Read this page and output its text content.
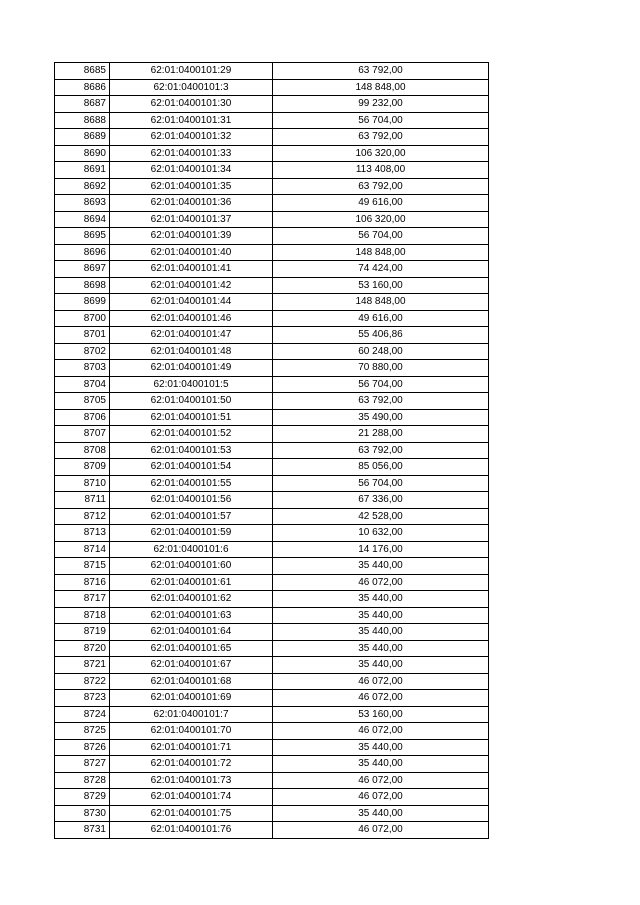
8685	62:01:0400101:29	63 792,00
8686	62:01:0400101:3	148 848,00
8687	62:01:0400101:30	99 232,00
8688	62:01:0400101:31	56 704,00
8689	62:01:0400101:32	63 792,00
8690	62:01:0400101:33	106 320,00
8691	62:01:0400101:34	113 408,00
8692	62:01:0400101:35	63 792,00
8693	62:01:0400101:36	49 616,00
8694	62:01:0400101:37	106 320,00
8695	62:01:0400101:39	56 704,00
8696	62:01:0400101:40	148 848,00
8697	62:01:0400101:41	74 424,00
8698	62:01:0400101:42	53 160,00
8699	62:01:0400101:44	148 848,00
8700	62:01:0400101:46	49 616,00
8701	62:01:0400101:47	55 406,86
8702	62:01:0400101:48	60 248,00
8703	62:01:0400101:49	70 880,00
8704	62:01:0400101:5	56 704,00
8705	62:01:0400101:50	63 792,00
8706	62:01:0400101:51	35 490,00
8707	62:01:0400101:52	21 288,00
8708	62:01:0400101:53	63 792,00
8709	62:01:0400101:54	85 056,00
8710	62:01:0400101:55	56 704,00
8711	62:01:0400101:56	67 336,00
8712	62:01:0400101:57	42 528,00
8713	62:01:0400101:59	10 632,00
8714	62:01:0400101:6	14 176,00
8715	62:01:0400101:60	35 440,00
8716	62:01:0400101:61	46 072,00
8717	62:01:0400101:62	35 440,00
8718	62:01:0400101:63	35 440,00
8719	62:01:0400101:64	35 440,00
8720	62:01:0400101:65	35 440,00
8721	62:01:0400101:67	35 440,00
8722	62:01:0400101:68	46 072,00
8723	62:01:0400101:69	46 072,00
8724	62:01:0400101:7	53 160,00
8725	62:01:0400101:70	46 072,00
8726	62:01:0400101:71	35 440,00
8727	62:01:0400101:72	35 440,00
8728	62:01:0400101:73	46 072,00
8729	62:01:0400101:74	46 072,00
8730	62:01:0400101:75	35 440,00
8731	62:01:0400101:76	46 072,00
